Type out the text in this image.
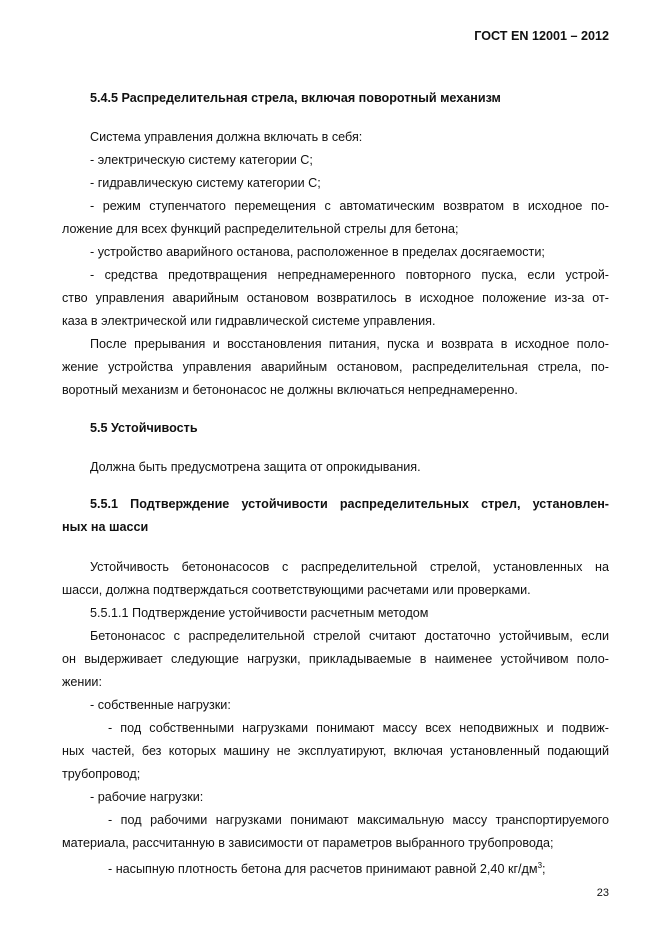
ГОСТ EN 12001 – 2012
5.4.5 Распределительная стрела, включая поворотный механизм
Система управления должна включать в себя:
- электрическую систему категории C;
- гидравлическую систему категории C;
- режим ступенчатого перемещения с автоматическим возвратом в исходное по-
ложение для всех функций распределительной стрелы для бетона;
- устройство аварийного останова, расположенное в пределах досягаемости;
- средства предотвращения непреднамеренного повторного пуска, если устрой-
ство управления аварийным остановом возвратилось в исходное положение из-за от-
каза в электрической или гидравлической системе управления.
После прерывания и восстановления питания, пуска и возврата в исходное поло-
жение устройства управления аварийным остановом, распределительная стрела, по-
воротный механизм и бетононасос не должны включаться непреднамеренно.
5.5 Устойчивость
Должна быть предусмотрена защита от опрокидывания.
5.5.1 Подтверждение устойчивости распределительных стрел, установлен-
ных на шасси
Устойчивость бетононасосов с распределительной стрелой, установленных на
шасси, должна подтверждаться соответствующими расчетами или проверками.
5.5.1.1 Подтверждение устойчивости расчетным методом
Бетононасос с распределительной стрелой считают достаточно устойчивым, если
он выдерживает следующие нагрузки, прикладываемые в наименее устойчивом поло-
жении:
- собственные нагрузки:
- под собственными нагрузками понимают массу всех неподвижных и подвиж-
ных частей, без которых машину не эксплуатируют, включая установленный подающий
трубопровод;
- рабочие нагрузки:
- под рабочими нагрузками понимают максимальную массу транспортируемого
материала, рассчитанную в зависимости от параметров выбранного трубопровода;
- насыпную плотность бетона для расчетов принимают равной 2,40 $кг/дм^3$;
23
